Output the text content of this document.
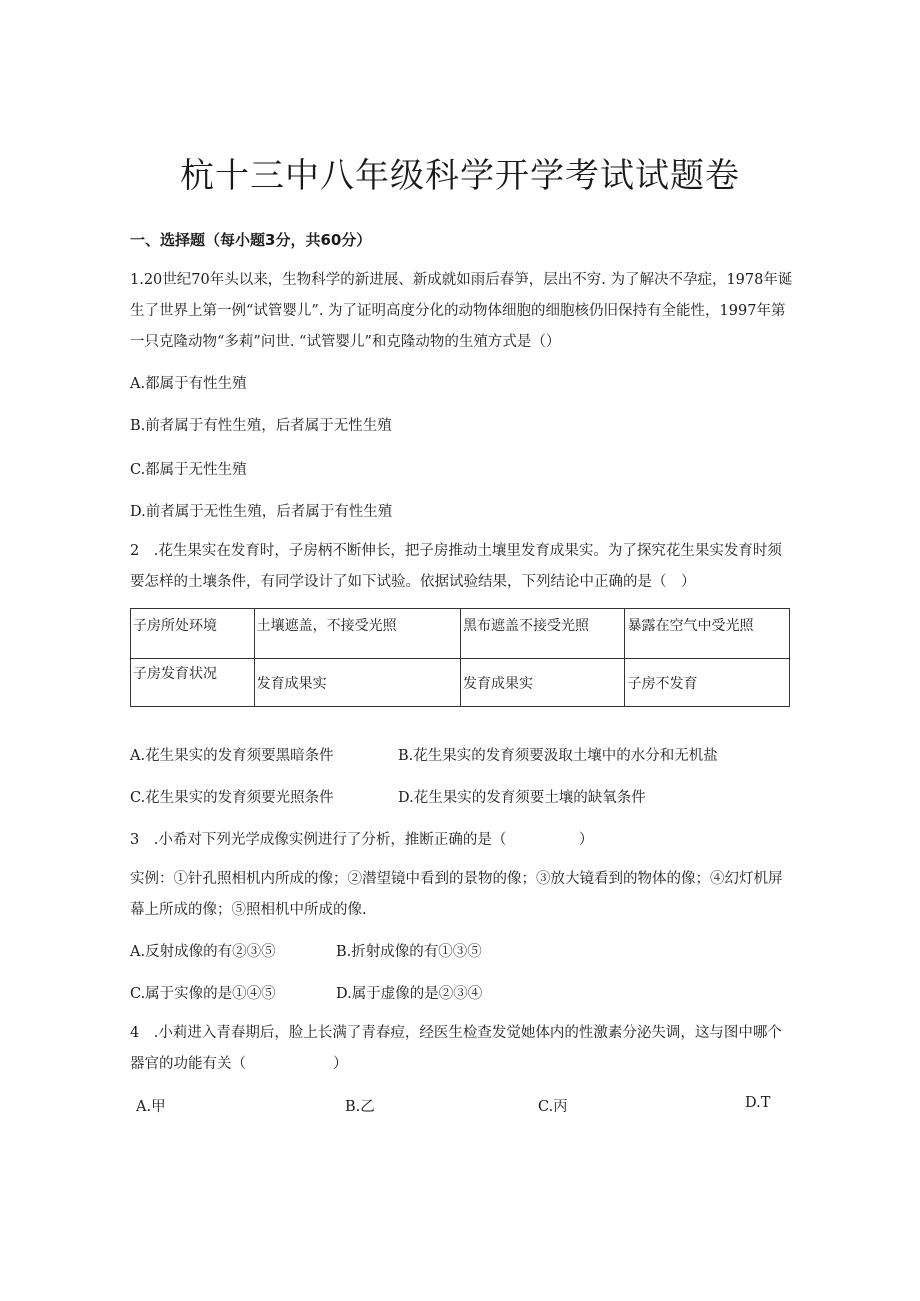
杭十三中八年级科学开学考试试题卷
一、选择题（每小题3分，共60分）

1.20世纪70年头以来，生物科学的新进展、新成就如雨后春笋，层出不穷. 为了解决不孕症，1978年诞生了世界上第一例“试管婴儿”. 为了证明高度分化的动物体细胞的细胞核仍旧保持有全能性，1997年第一只克隆动物“多莉”问世. “试管婴儿”和克隆动物的生殖方式是（）

A.都属于有性生殖
B.前者属于有性生殖，后者属于无性生殖
C.都属于无性生殖
D.前者属于无性生殖，后者属于有性生殖

2　.花生果实在发育时，子房柄不断伸长，把子房推动土壤里发育成果实。为了探究花生果实发育时须要怎样的土壤条件，有同学设计了如下试验。依据试验结果，下列结论中正确的是（　）

子房所处环境	土壤遮盖，不接受光照	黑布遮盖不接受光照	暴露在空气中受光照
子房发育状况	发育成果实	发育成果实	子房不发育
A.花生果实的发育须要黑暗条件	B.花生果实的发育须要汲取土壤中的水分和无机盐
C.花生果实的发育须要光照条件	D.花生果实的发育须要土壤的缺氧条件
3　.小希对下列光学成像实例进行了分析，推断正确的是（　　　　　）

实例：①针孔照相机内所成的像；②潜望镜中看到的景物的像；③放大镜看到的物体的像；④幻灯机屏幕上所成的像；⑤照相机中所成的像.

A.反射成像的有②③⑤	B.折射成像的有①③⑤
C.属于实像的是①④⑤	D.属于虚像的是②③④

4　.小莉进入青春期后，脸上长满了青春痘，经医生检查发觉她体内的性激素分泌失调，这与图中哪个器官的功能有关（　　　　　　）

A.甲	B.乙	C.丙	D.T
